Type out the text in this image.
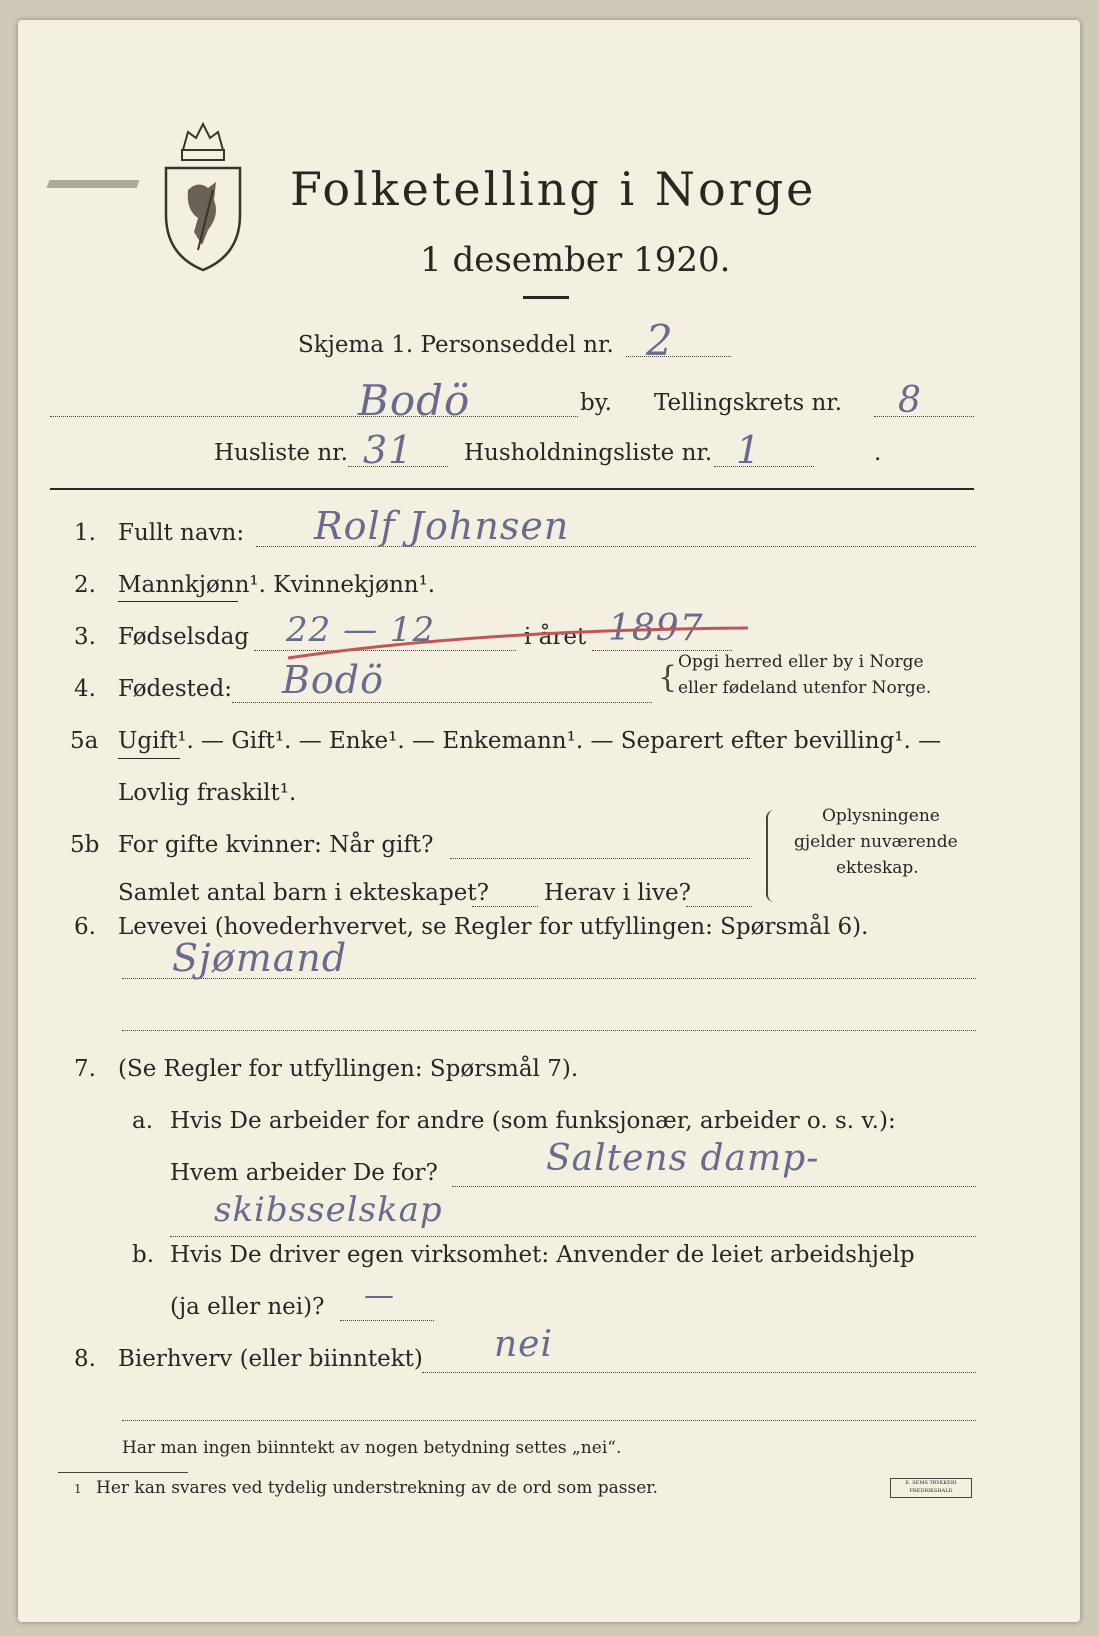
Folketelling i Norge
1 desember 1920.
Skjema 1. Personseddel nr. 2
Bodö	by. Tellingskrets nr. 8
Husliste nr. 31 Husholdningsliste nr. 1	.
1. Fullt navn: Rolf Johnsen
2. Mannkjønn¹. Kvinnekjønn¹.
3. Fødselsdag 22 — 12	i året 1897
4. Fødested: Bodö	{ Opgi herred eller by i Norge
eller fødeland utenfor Norge.
5a Ugift¹. — Gift¹. — Enke¹. — Enkemann¹. — Separert efter bevilling¹. —
Lovlig fraskilt¹.
5b For gifte kvinner: Når gift?
Samlet antal barn i ekteskapet? Herav i live?
Oplysningene
gjelder nuværende
ekteskap.
6. Levevei (hovederhvervet, se Regler for utfyllingen: Spørsmål 6).
Sjømand
7. (Se Regler for utfyllingen: Spørsmål 7).
a. Hvis De arbeider for andre (som funksjonær, arbeider o. s. v.):
Hvem arbeider De for?	Saltens damp-
skibsselskap
b. Hvis De driver egen virksomhet: Anvender de leiet arbeidshjelp
(ja eller nei)? —
8. Bierhverv (eller biinntekt) nei
Har man ingen biinntekt av nogen betydning settes „nei“.
1 Her kan svares ved tydelig understrekning av de ord som passer.	E. SEMS TRYKKERI FREDRIKSHALD
